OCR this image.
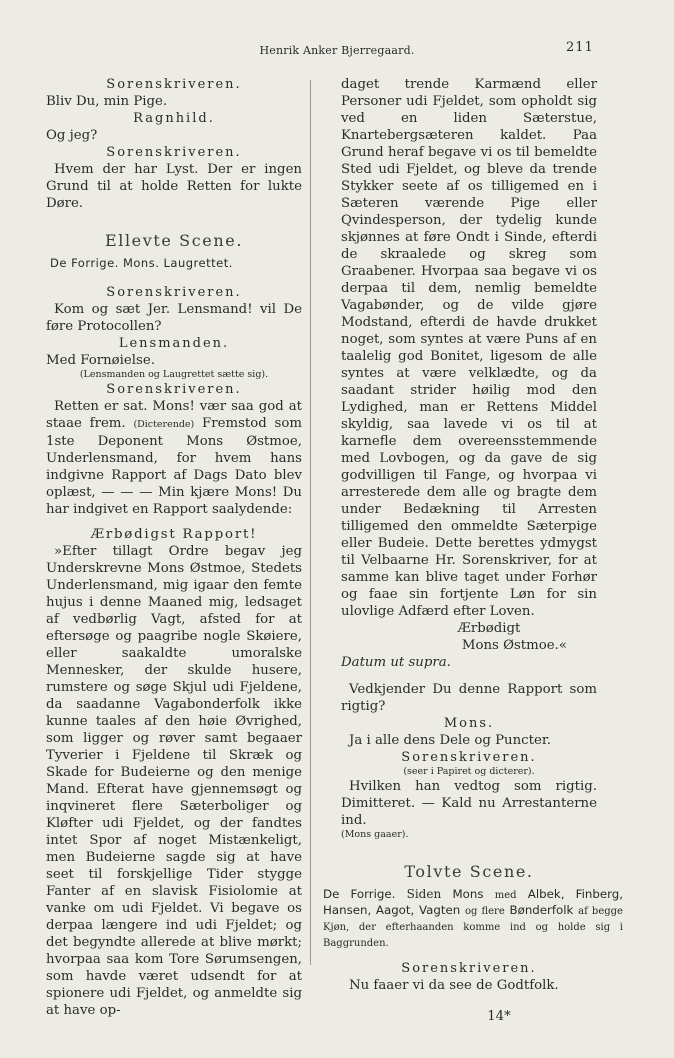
Henrik Anker Bjerregaard.	211
Sorenskriveren.
Bliv Du, min Pige.
Ragnhild.
Og jeg?
Sorenskriveren.
Hvem der har Lyst. Der er ingen Grund til at holde Retten for lukte Døre.
Ellevte Scene.
De Forrige. Mons. Laugrettet.
Sorenskriveren.
Kom og sæt Jer. Lensmand! vil De føre Protocollen?
Lensmanden.
Med Fornøielse.
(Lensmanden og Laugrettet sætte sig).
Sorenskriveren.
Retten er sat. Mons! vær saa god at staae frem. (Dicterende) Fremstod som 1ste Deponent Mons Østmoe, Underlensmand, for hvem hans indgivne Rapport af Dags Dato blev oplæst, — — — Min kjære Mons! Du har indgivet en Rapport saalydende:
Ærbødigst Rapport!
»Efter tillagt Ordre begav jeg Underskrevne Mons Østmoe, Stedets Underlensmand, mig igaar den femte hujus i denne Maaned mig, ledsaget af vedbørlig Vagt, afsted for at eftersøge og paagribe nogle Skøiere, eller saakaldte umoralske Mennesker, der skulde husere, rumstere og søge Skjul udi Fjeldene, da saadanne Vagabonderfolk ikke kunne taales af den høie Øvrighed, som ligger og røver samt begaaer Tyverier i Fjeldene til Skræk og Skade for Budeierne og den menige Mand. Efterat have gjennemsøgt og inqvineret flere Sæterboliger og Kløfter udi Fjeldet, og der fandtes intet Spor af noget Mistænkeligt, men Budeierne sagde sig at have seet til forskjellige Tider stygge Fanter af en slavisk Fisiolomie at vanke om udi Fjeldet. Vi begave os derpaa længere ind udi Fjeldet; og det begyndte allerede at blive mørkt; hvorpaa saa kom Tore Sørumsengen, som havde været udsendt for at spionere udi Fjeldet, og anmeldte sig at have op-
daget trende Karmænd eller Personer udi Fjeldet, som opholdt sig ved en liden Sæterstue, Knartebergsæteren kaldet. Paa Grund heraf begave vi os til bemeldte Sted udi Fjeldet, og bleve da trende Stykker seete af os tilligemed en i Sæteren værende Pige eller Qvindesperson, der tydelig kunde skjønnes at føre Ondt i Sinde, efterdi de skraalede og skreg som Graabener. Hvorpaa saa begave vi os derpaa til dem, nemlig bemeldte Vagabønder, og de vilde gjøre Modstand, efterdi de havde drukket noget, som syntes at være Puns af en taalelig god Bonitet, ligesom de alle syntes at være velklædte, og da saadant strider høilig mod den Lydighed, man er Rettens Middel skyldig, saa lavede vi os til at karnefle dem overeensstemmende med Lovbogen, og da gave de sig godvilligen til Fange, og hvorpaa vi arresterede dem alle og bragte dem under Bedækning til Arresten tilligemed den ommeldte Sæterpige eller Budeie. Dette berettes ydmygst til Velbaarne Hr. Sorenskriver, for at samme kan blive taget under Forhør og faae sin fortjente Løn for sin ulovlige Adfærd efter Loven.
Ærbødigt
Mons Østmoe.«
Datum ut supra.
Vedkjender Du denne Rapport som rigtig?
Mons.
Ja i alle dens Dele og Puncter.
Sorenskriveren.
(seer i Papiret og dicterer).
Hvilken han vedtog som rigtig. Dimitteret. — Kald nu Arrestanterne ind.
(Mons gaaer).
Tolvte Scene.
De Forrige. Siden Mons med Albek, Finberg, Hansen, Aagot, Vagten og flere Bønderfolk af begge Kjøn, der efterhaanden komme ind og holde sig i Baggrunden.
Sorenskriveren.
Nu faaer vi da see de Godtfolk.
14*
